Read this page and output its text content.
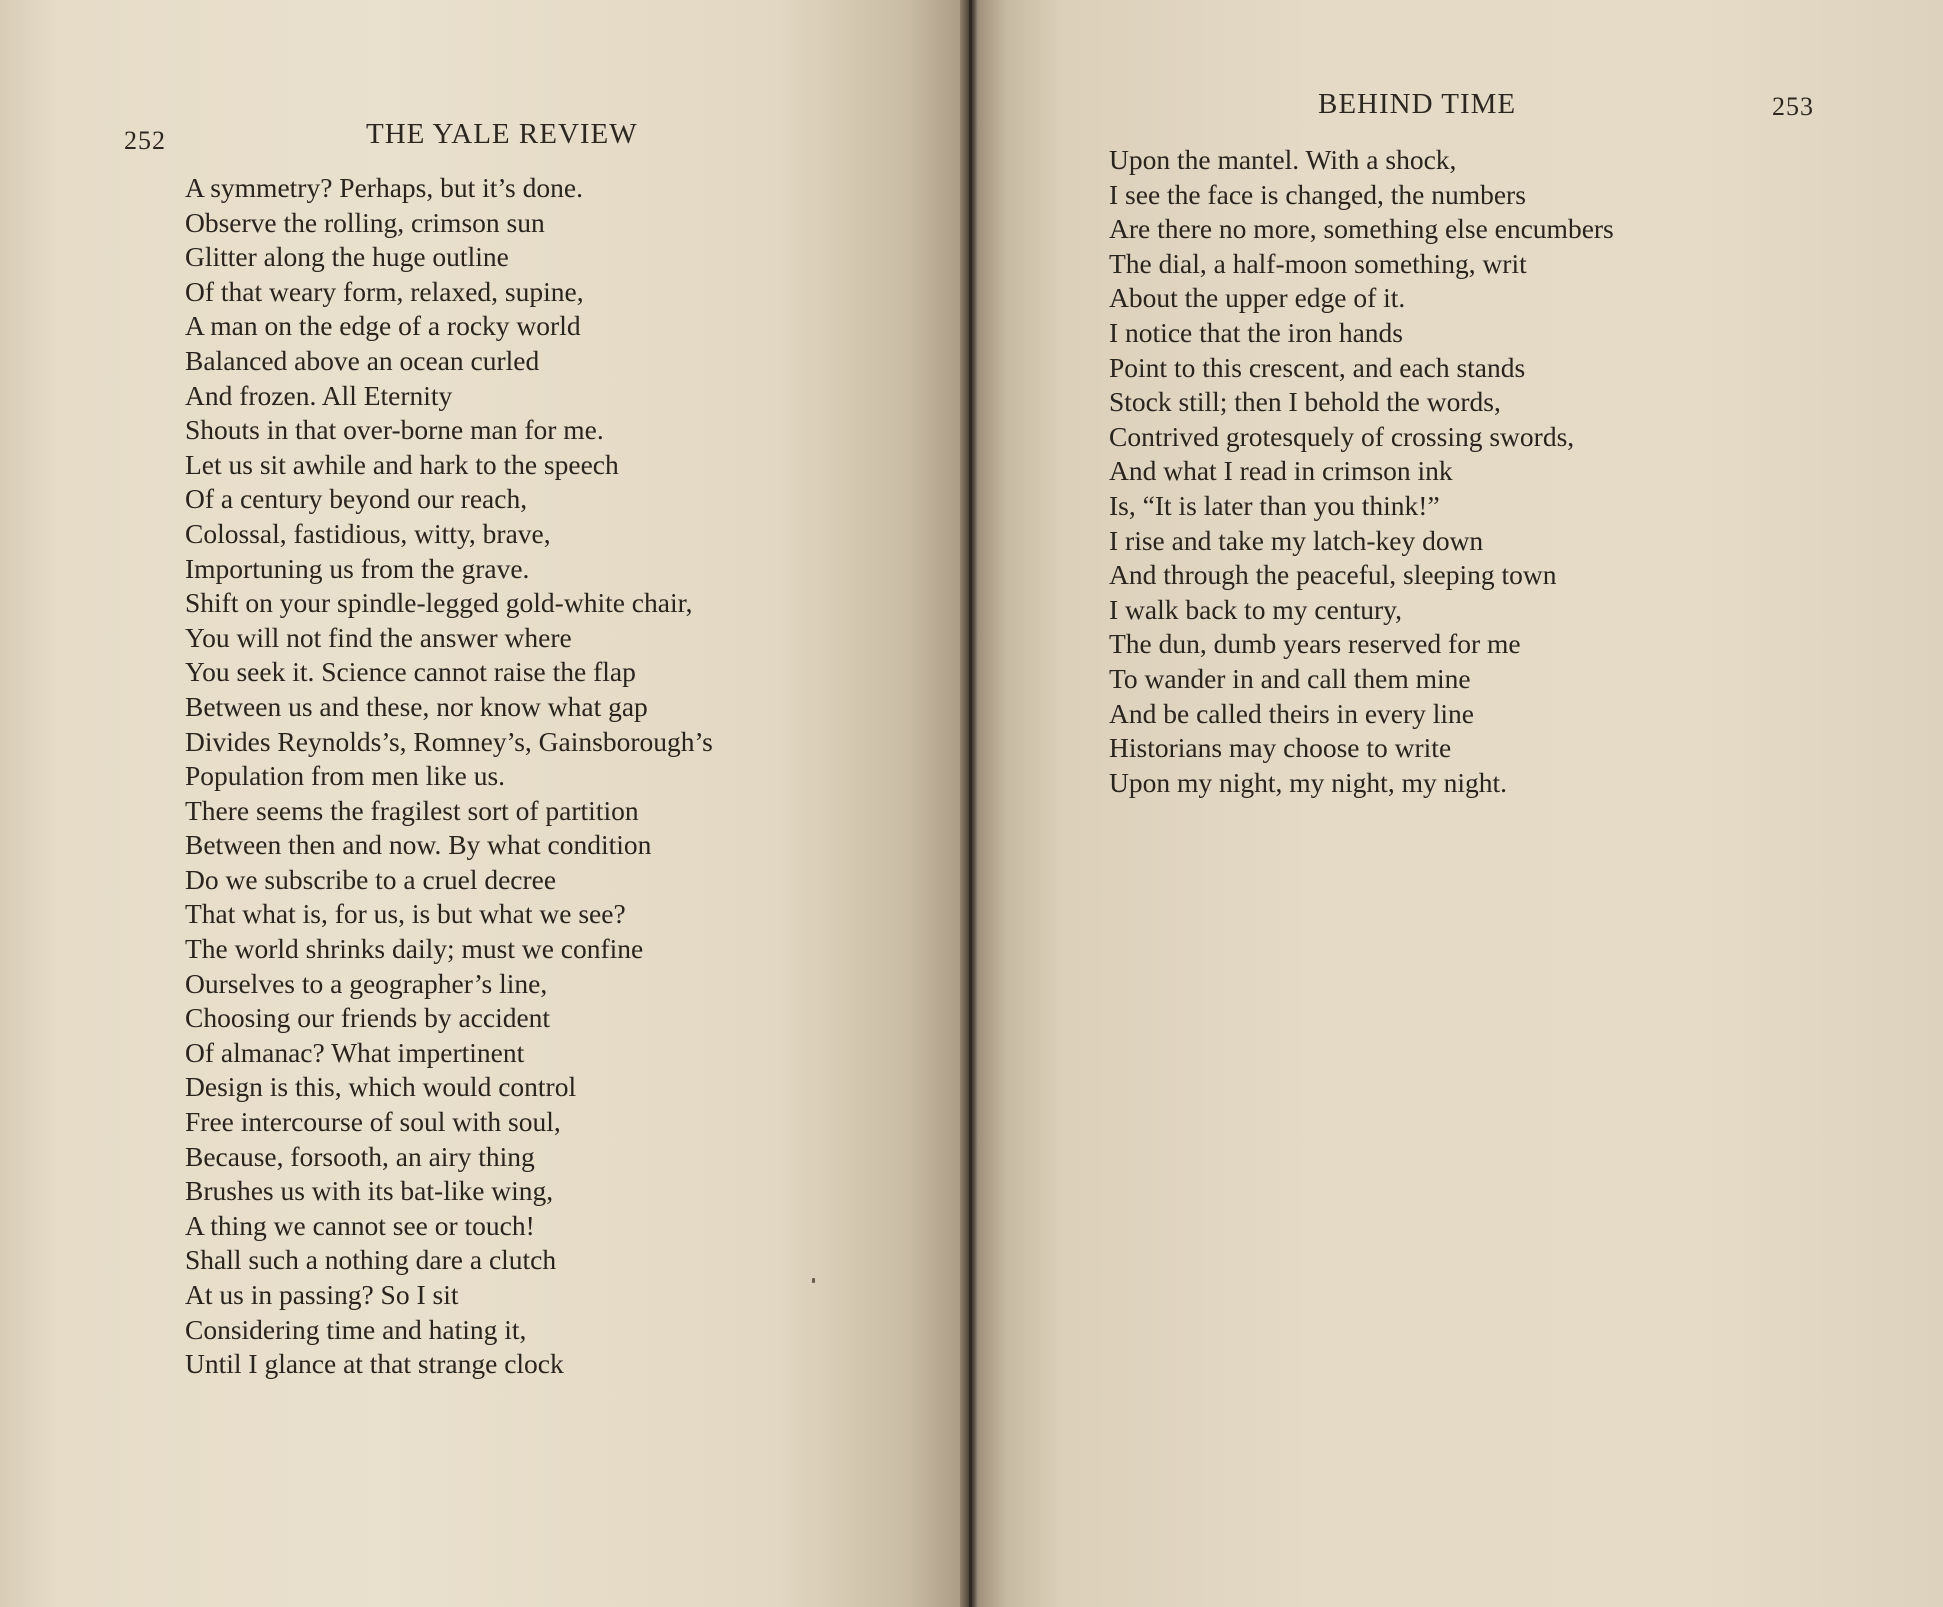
252	THE YALE REVIEW
A symmetry? Perhaps, but it’s done.
Observe the rolling, crimson sun
Glitter along the huge outline
Of that weary form, relaxed, supine,
A man on the edge of a rocky world
Balanced above an ocean curled
And frozen. All Eternity
Shouts in that over-borne man for me.
Let us sit awhile and hark to the speech
Of a century beyond our reach,
Colossal, fastidious, witty, brave,
Importuning us from the grave.
Shift on your spindle-legged gold-white chair,
You will not find the answer where
You seek it. Science cannot raise the flap
Between us and these, nor know what gap
Divides Reynolds’s, Romney’s, Gainsborough’s
Population from men like us.
There seems the fragilest sort of partition
Between then and now. By what condition
Do we subscribe to a cruel decree
That what is, for us, is but what we see?
The world shrinks daily; must we confine
Ourselves to a geographer’s line,
Choosing our friends by accident
Of almanac? What impertinent
Design is this, which would control
Free intercourse of soul with soul,
Because, forsooth, an airy thing
Brushes us with its bat-like wing,
A thing we cannot see or touch!
Shall such a nothing dare a clutch
At us in passing? So I sit
Considering time and hating it,
Until I glance at that strange clock
BEHIND TIME	253

Upon the mantel. With a shock,
I see the face is changed, the numbers
Are there no more, something else encumbers
The dial, a half-moon something, writ
About the upper edge of it.
I notice that the iron hands
Point to this crescent, and each stands
Stock still; then I behold the words,
Contrived grotesquely of crossing swords,
And what I read in crimson ink
Is, “It is later than you think!”
I rise and take my latch-key down
And through the peaceful, sleeping town
I walk back to my century,
The dun, dumb years reserved for me
To wander in and call them mine
And be called theirs in every line
Historians may choose to write
Upon my night, my night, my night.
